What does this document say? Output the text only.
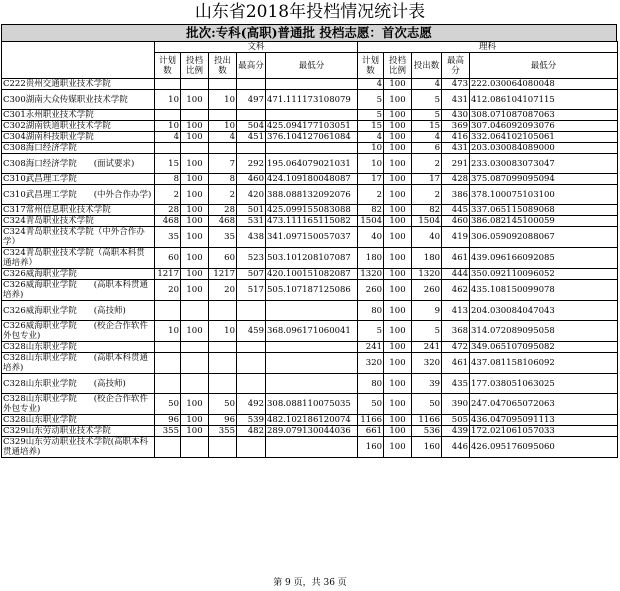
山东省2018年投档情况统计表
批次:专科(高职)普通批 投档志愿：首次志愿
	文科					理科				
	计划数	投档比例	投出数	最高分	最低分	计划数	投档比例	投出数	最高分	最低分
C222贵州交通职业技术学院						4	100	4	473	222.030064080048
C300湖南大众传媒职业技术学院	10	100	10	497	471.111173108079	5	100	5	431	412.086104107115
C301永州职业技术学院						5	100	5	430	308.071087087063
C302湖南铁道职业技术学院	10	100	10	504	425.094177103051	15	100	15	369	307.046092093076
C304湖南科技职业学院	4	100	4	451	376.104127061084	4	100	4	416	332.064102105061
C308海口经济学院						10	100	6	431	203.030084089000
C308海口经济学院　　(面试要求)	15	100	7	292	195.064079021031	10	100	2	291	233.030083073047
C310武昌理工学院	8	100	8	460	424.109180048087	17	100	17	428	375.087099095094
C310武昌理工学院　　(中外合作办学)	2	100	2	420	388.088132092076	2	100	2	386	378.100075103100
C317常州信息职业技术学院	28	100	28	501	425.099155083088	82	100	82	445	337.065115089068
C324青岛职业技术学院	468	100	468	531	473.111165115082	1504	100	1504	460	386.082145100059
C324青岛职业技术学院（中外合作办学）	35	100	35	438	341.097150057037	40	100	40	419	306.059092088067
C324青岛职业技术学院（高职本科贯通培养）	60	100	60	523	503.101208107087	180	100	180	461	439.096166092085
C326威海职业学院	1217	100	1217	507	420.100151082087	1320	100	1320	444	350.092110096052
C326威海职业学院　　(高职本科贯通培养)	20	100	20	517	505.107187125086	260	100	260	462	435.108150099078
C326威海职业学院　　(高技师)						80	100	9	413	204.030084047043
C326威海职业学院　　(校企合作软件外包专业)	10	100	10	459	368.096171060041	5	100	5	368	314.072089095058
C328山东职业学院						241	100	241	472	349.065107095082
C328山东职业学院　　(高职本科贯通培养)						320	100	320	461	437.081158106092
C328山东职业学院　　(高技师)						80	100	39	435	177.038051063025
C328山东职业学院　　(校企合作软件外包专业)	50	100	50	492	308.088110075035	50	100	50	390	247.047065072063
C328山东职业学院	96	100	96	539	482.102186120074	1166	100	1166	505	436.047095091113
C329山东劳动职业技术学院	355	100	355	482	289.079130044036	661	100	536	439	172.021061057033
C329山东劳动职业技术学院(高职本科贯通培养)						160	100	160	446	426.095176095060
第 9 页，共 36 页
